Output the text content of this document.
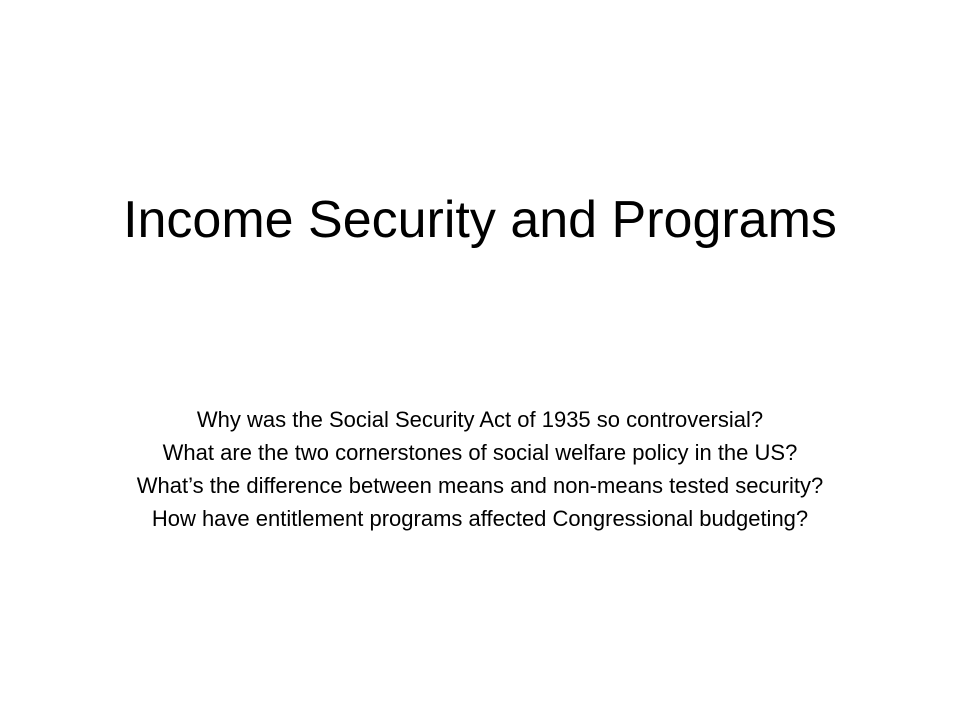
Income Security and Programs
Why was the Social Security Act of 1935 so controversial?
What are the two cornerstones of social welfare policy in the US?
What’s the difference between means and non-means tested security?
How have entitlement programs affected Congressional budgeting?
